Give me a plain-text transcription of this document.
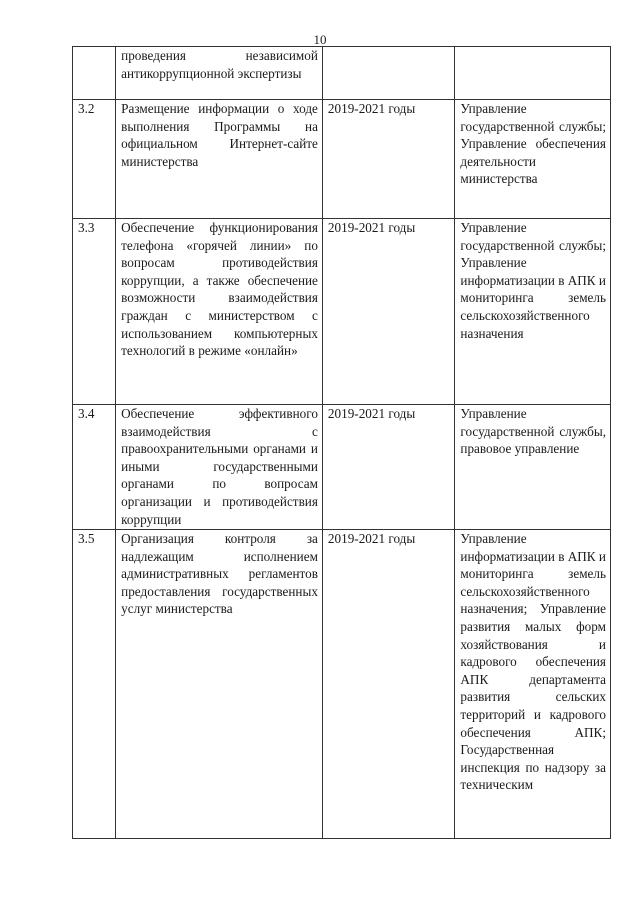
10

	проведения независимой антикоррупционной экспертизы		

3.2	Размещение информации о ходе выполнения Программы на официальном Интернет-сайте министерства	2019-2021 годы	Управление государственной службы; Управление обеспечения деятельности министерства

3.3	Обеспечение функционирования телефона «горячей линии» по вопросам противодействия коррупции, а также обеспечение возможности взаимодействия граждан с министерством с использованием компьютерных технологий в режиме «онлайн»	2019-2021 годы	Управление государственной службы; Управление информатизации в АПК и мониторинга земель сельскохозяйственного назначения

3.4	Обеспечение эффективного взаимодействия с правоохранительными органами и иными государственными органами по вопросам организации и противодействия коррупции	2019-2021 годы	Управление государственной службы, правовое управление

3.5	Организация контроля за надлежащим исполнением административных регламентов предоставления государственных услуг министерства	2019-2021 годы	Управление информатизации в АПК и мониторинга земель сельскохозяйственного назначения; Управление развития малых форм хозяйствования и кадрового обеспечения АПК департамента развития сельских территорий и кадрового обеспечения АПК; Государственная инспекция по надзору за техническим
